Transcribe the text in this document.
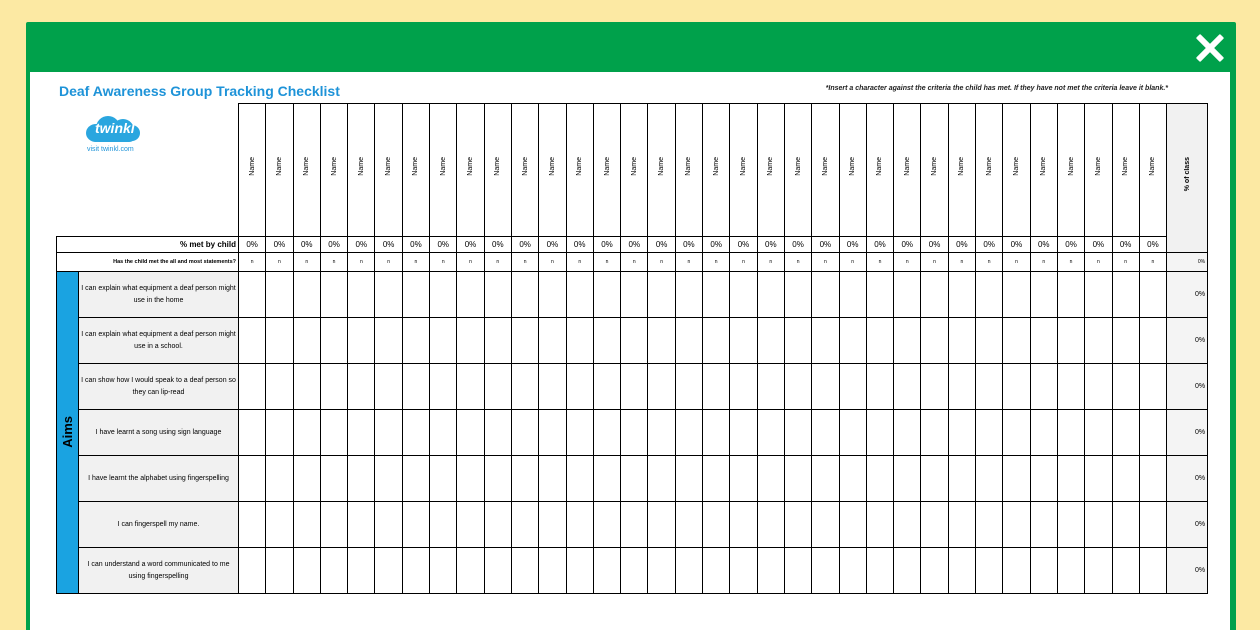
Deaf Awareness Group Tracking Checklist	*Insert a character against the criteria the child has met. If they have not met the criteria leave it blank.*
twinkl
visit twinkl.com
		Name	Name	Name	Name	Name	Name	Name	Name	Name	Name	Name	Name	Name	Name	Name	Name	Name	Name	Name	Name	Name	Name	Name	Name	Name	Name	Name	Name	Name	Name	Name	Name	Name	Name	% of class
% met by child		0%	0%	0%	0%	0%	0%	0%	0%	0%	0%	0%	0%	0%	0%	0%	0%	0%	0%	0%	0%	0%	0%	0%	0%	0%	0%	0%	0%	0%	0%	0%	0%	0%	0%	
Has the child met the all and most statements?		n	n	n	n	n	n	n	n	n	n	n	n	n	n	n	n	n	n	n	n	n	n	n	n	n	n	n	n	n	n	n	n	n	n	0%
Aims	I can explain what equipment a deaf person might use in the home																																			0%
	I can explain what equipment a deaf person might use in a school.																																			0%
	I can show how I would speak to a deaf person so they can lip-read																																			0%
	I have learnt a song using sign language																																			0%
	I have learnt the alphabet using fingerspelling																																			0%
	I can fingerspell my name.																																			0%
	I can understand a word communicated to me using fingerspelling																																			0%
